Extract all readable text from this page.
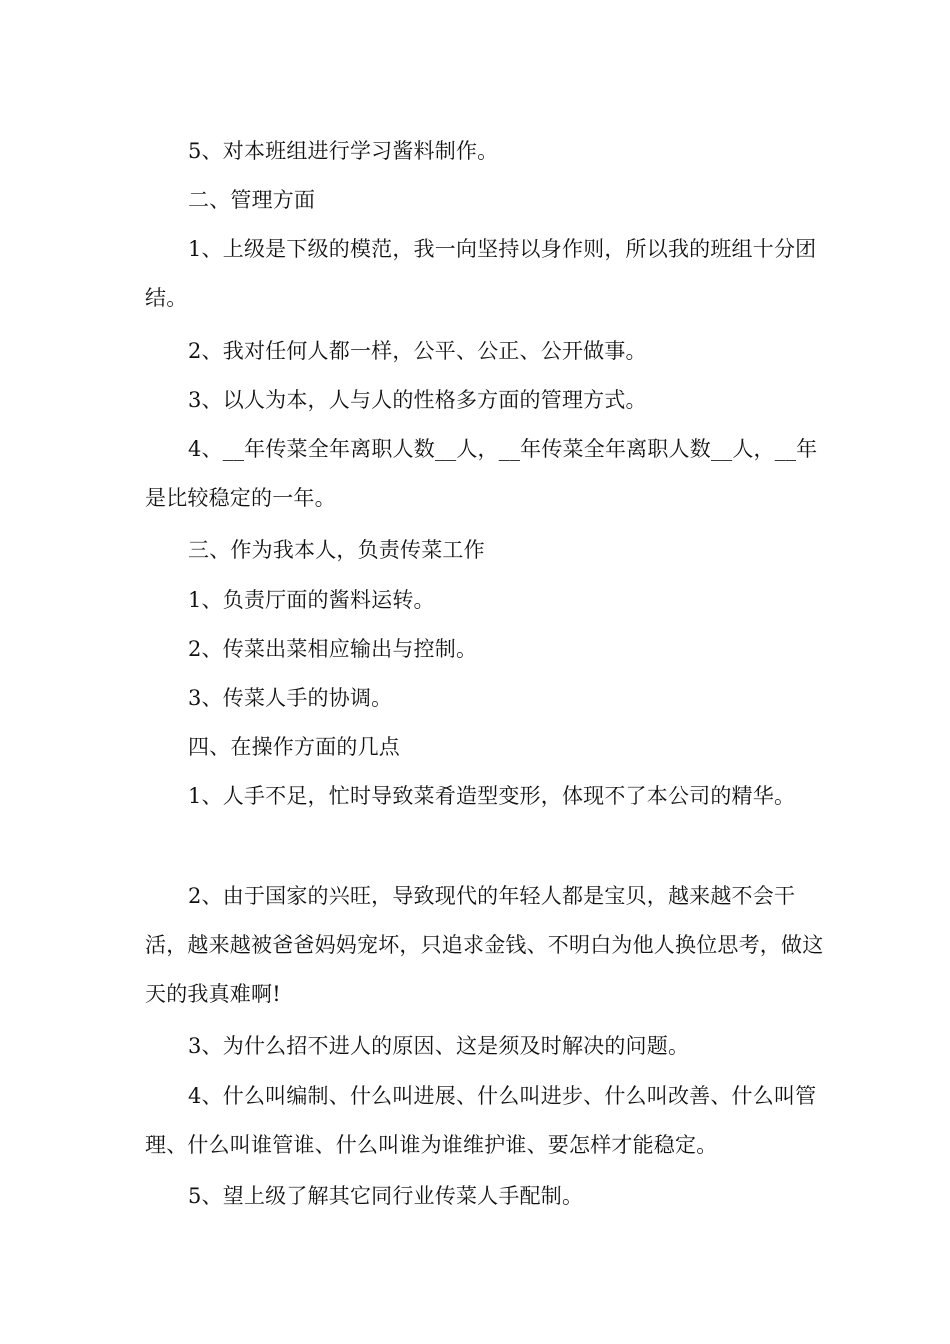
5、对本班组进行学习酱料制作。

二、管理方面

1、上级是下级的模范，我一向坚持以身作则，所以我的班组十分团结。

2、我对任何人都一样，公平、公正、公开做事。

3、以人为本，人与人的性格多方面的管理方式。

4、__年传菜全年离职人数__人，__年传菜全年离职人数__人，__年是比较稳定的一年。

三、作为我本人，负责传菜工作

1、负责厅面的酱料运转。

2、传菜出菜相应输出与控制。

3、传菜人手的协调。

四、在操作方面的几点

1、人手不足，忙时导致菜肴造型变形，体现不了本公司的精华。

2、由于国家的兴旺，导致现代的年轻人都是宝贝，越来越不会干活，越来越被爸爸妈妈宠坏，只追求金钱、不明白为他人换位思考，做这天的我真难啊!

3、为什么招不进人的原因、这是须及时解决的问题。

4、什么叫编制、什么叫进展、什么叫进步、什么叫改善、什么叫管理、什么叫谁管谁、什么叫谁为谁维护谁、要怎样才能稳定。

5、望上级了解其它同行业传菜人手配制。
